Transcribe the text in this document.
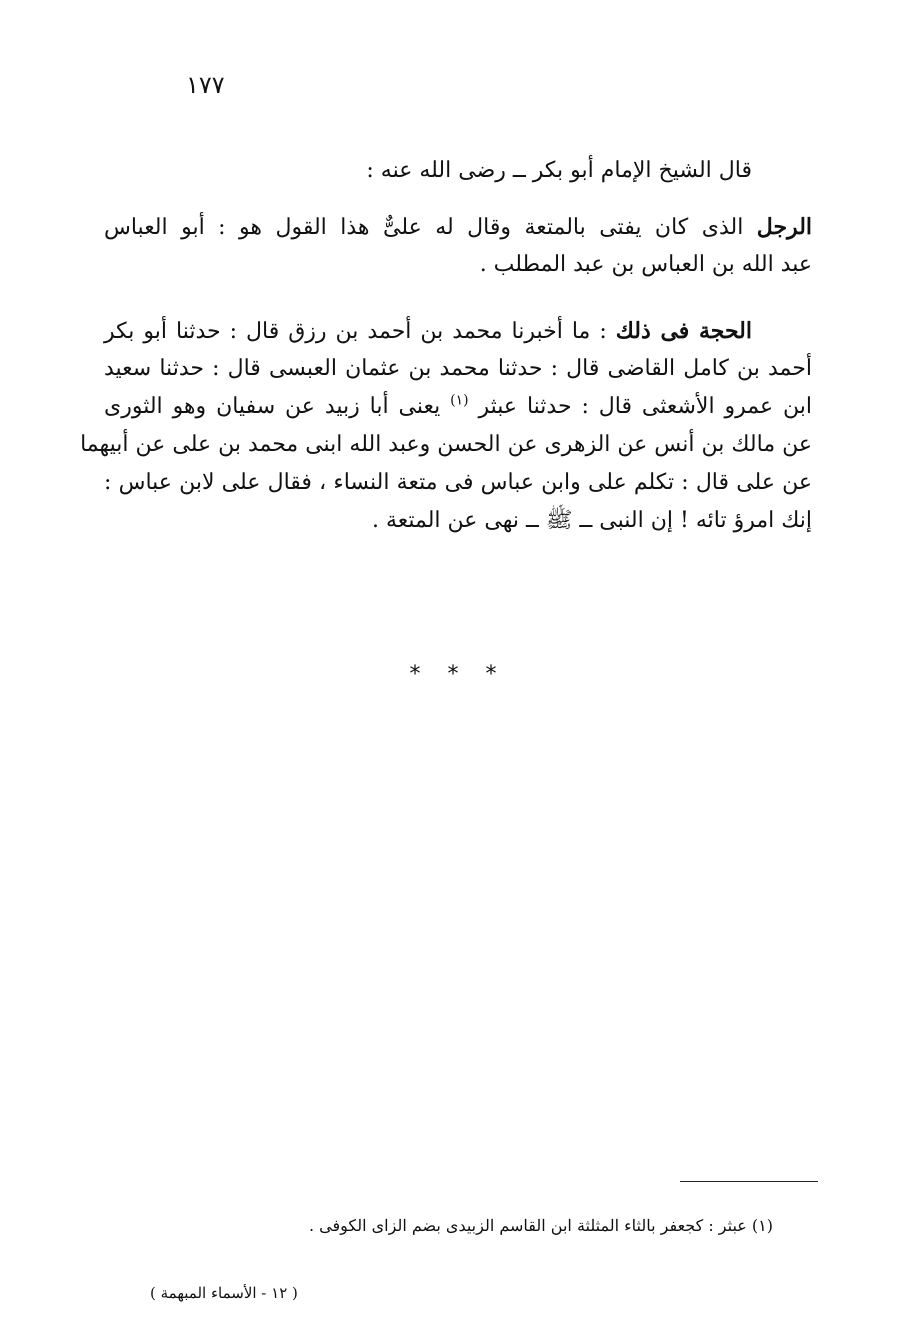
١٧٧
قال الشيخ الإمام أبو بكر ــ رضى الله عنه :
الرجل الذى كان يفتى بالمتعة وقال له علىٌّ هذا القول هو : أبو العباس
عبد الله بن العباس بن عبد المطلب .
الحجة فى ذلك : ما أخبرنا محمد بن أحمد بن رزق قال : حدثنا أبو بكر
أحمد بن كامل القاضى قال : حدثنا محمد بن عثمان العبسى قال : حدثنا سعيد
ابن عمرو الأشعثى قال : حدثنا عبثر $^{(١)}$ يعنى أبا زبيد عن سفيان وهو الثورى
عن مالك بن أنس عن الزهرى عن الحسن وعبد الله ابنى محمد بن على عن أبيهما
عن على قال : تكلم على وابن عباس فى متعة النساء ، فقال على لابن عباس :
إنك امرؤ تائه ! إن النبى ــ ﷺ ــ نهى عن المتعة .
* * *
(١) عبثر : كجعفر بالثاء المثلثة ابن القاسم الزبيدى بضم الزاى الكوفى .
( ١٢ - الأسماء المبهمة )
